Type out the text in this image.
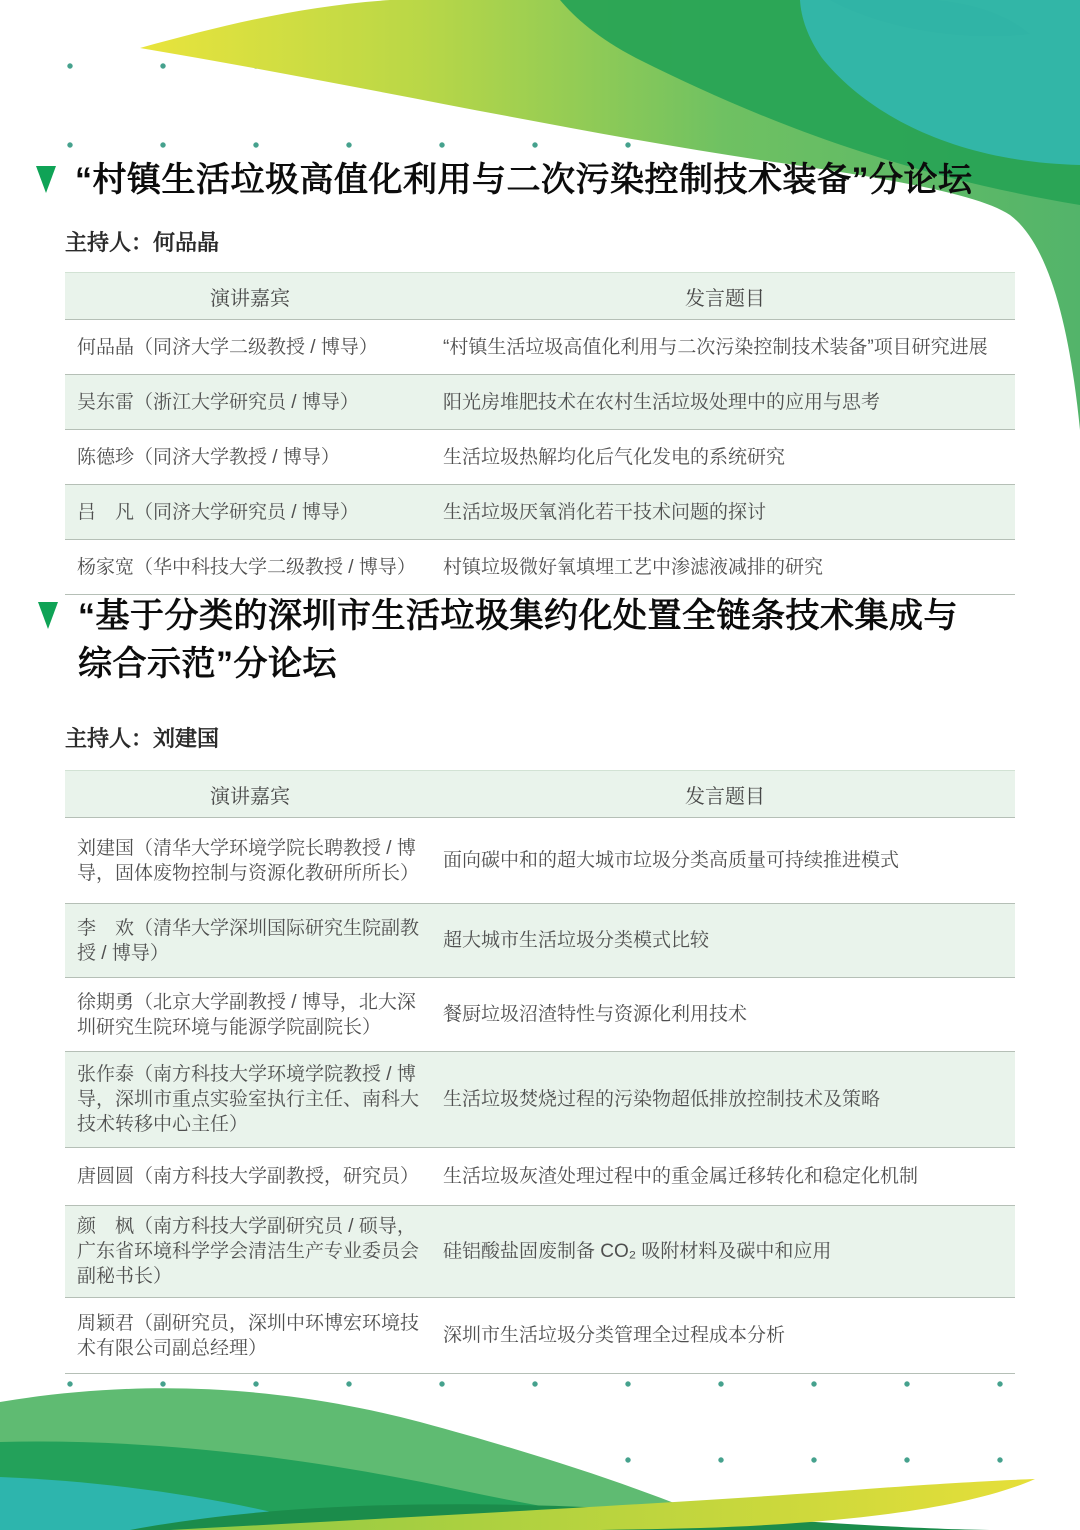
“村镇生活垃圾高值化利用与二次污染控制技术装备”分论坛
主持人：何品晶
演讲嘉宾	发言题目
何品晶（同济大学二级教授 / 博导）	“村镇生活垃圾高值化利用与二次污染控制技术装备”项目研究进展
吴东雷（浙江大学研究员 / 博导）	阳光房堆肥技术在农村生活垃圾处理中的应用与思考
陈德珍（同济大学教授 / 博导）	生活垃圾热解均化后气化发电的系统研究
吕　凡（同济大学研究员 / 博导）	生活垃圾厌氧消化若干技术问题的探讨
杨家宽（华中科技大学二级教授 / 博导）	村镇垃圾微好氧填埋工艺中渗滤液减排的研究
“基于分类的深圳市生活垃圾集约化处置全链条技术集成与综合示范”分论坛
主持人：刘建国
演讲嘉宾	发言题目
刘建国（清华大学环境学院长聘教授 / 博导，固体废物控制与资源化教研所所长）	面向碳中和的超大城市垃圾分类高质量可持续推进模式
李　欢（清华大学深圳国际研究生院副教授 / 博导）	超大城市生活垃圾分类模式比较
徐期勇（北京大学副教授 / 博导，北大深圳研究生院环境与能源学院副院长）	餐厨垃圾沼渣特性与资源化利用技术
张作泰（南方科技大学环境学院教授 / 博导，深圳市重点实验室执行主任、南科大技术转移中心主任）	生活垃圾焚烧过程的污染物超低排放控制技术及策略
唐圆圆（南方科技大学副教授，研究员）	生活垃圾灰渣处理过程中的重金属迁移转化和稳定化机制
颜　枫（南方科技大学副研究员 / 硕导，广东省环境科学学会清洁生产专业委员会副秘书长）	硅铝酸盐固废制备 CO₂ 吸附材料及碳中和应用
周颖君（副研究员，深圳中环博宏环境技术有限公司副总经理）	深圳市生活垃圾分类管理全过程成本分析
